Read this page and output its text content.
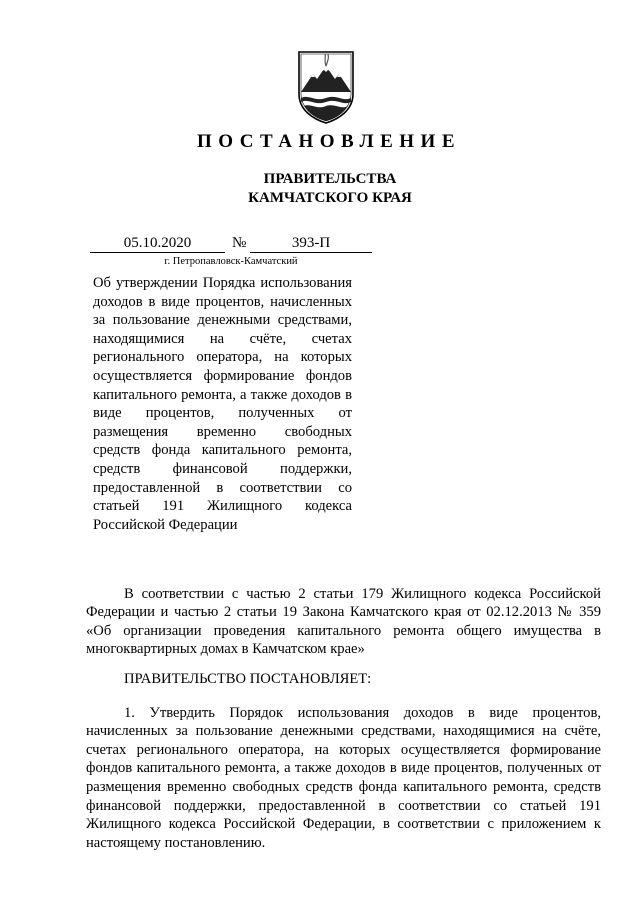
ПОСТАНОВЛЕНИЕ
ПРАВИТЕЛЬСТВА
КАМЧАТСКОГО КРАЯ
05.10.2020	№	393-П
г. Петропавловск-Камчатский
Об утверждении Порядка использования доходов в виде процентов, начисленных за пользование денежными средствами, находящимися на счёте, счетах регионального оператора, на которых осуществляется формирование фондов капитального ремонта, а также доходов в виде процентов, полученных от размещения временно свободных средств фонда капитального ремонта, средств финансовой поддержки, предоставленной в соответствии со статьей 191 Жилищного кодекса Российской Федерации

В соответствии с частью 2 статьи 179 Жилищного кодекса Российской Федерации и частью 2 статьи 19 Закона Камчатского края от 02.12.2013 № 359 «Об организации проведения капитального ремонта общего имущества в многоквартирных домах в Камчатском крае»

ПРАВИТЕЛЬСТВО ПОСТАНОВЛЯЕТ:

1. Утвердить Порядок использования доходов в виде процентов, начисленных за пользование денежными средствами, находящимися на счёте, счетах регионального оператора, на которых осуществляется формирование фондов капитального ремонта, а также доходов в виде процентов, полученных от размещения временно свободных средств фонда капитального ремонта, средств финансовой поддержки, предоставленной в соответствии со статьей 191 Жилищного кодекса Российской Федерации, в соответствии с приложением к настоящему постановлению.
